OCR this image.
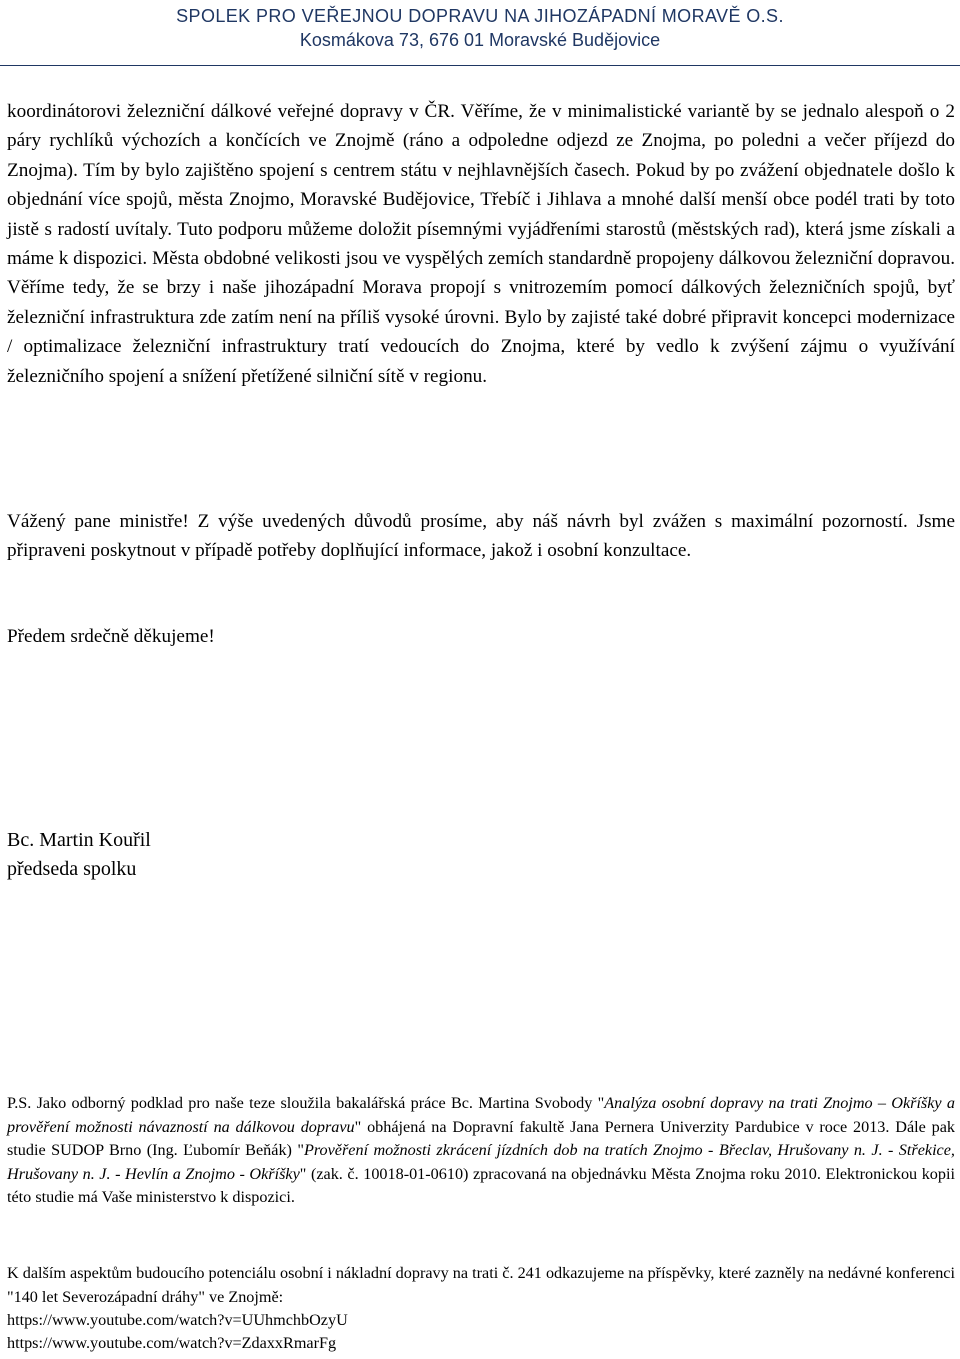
SPOLEK PRO VEŘEJNOU DOPRAVU NA JIHOZÁPADNÍ MORAVĚ O.S.
Kosmákova 73, 676 01 Moravské Budějovice

koordinátorovi železniční dálkové veřejné dopravy v ČR. Věříme, že v minimalistické variantě by se jednalo alespoň o 2 páry rychlíků výchozích a končících ve Znojmě (ráno a odpoledne odjezd ze Znojma, po poledni a večer příjezd do Znojma). Tím by bylo zajištěno spojení s centrem státu v nejhlavnějších časech. Pokud by po zvážení objednatele došlo k objednání více spojů, města Znojmo, Moravské Budějovice, Třebíč i Jihlava a mnohé další menší obce podél trati by toto jistě s radostí uvítaly. Tuto podporu můžeme doložit písemnými vyjádřeními starostů (městských rad), která jsme získali a máme k dispozici. Města obdobné velikosti jsou ve vyspělých zemích standardně propojeny dálkovou železniční dopravou. Věříme tedy, že se brzy i naše jihozápadní Morava propojí s vnitrozemím pomocí dálkových železničních spojů, byť železniční infrastruktura zde zatím není na příliš vysoké úrovni. Bylo by zajisté také dobré připravit koncepci modernizace / optimalizace železniční infrastruktury tratí vedoucích do Znojma, které by vedlo k zvýšení zájmu o využívání železničního spojení a snížení přetížené silniční sítě v regionu.

Vážený pane ministře! Z výše uvedených důvodů prosíme, aby náš návrh byl zvážen s maximální pozorností. Jsme připraveni poskytnout v případě potřeby doplňující informace, jakož i osobní konzultace.

Předem srdečně děkujeme!

Bc. Martin Kouřil

předseda spolku

P.S. Jako odborný podklad pro naše teze sloužila bakalářská práce Bc. Martina Svobody "Analýza osobní dopravy na trati Znojmo – Okříšky a prověření možnosti návazností na dálkovou dopravu" obhájená na Dopravní fakultě Jana Pernera Univerzity Pardubice v roce 2013. Dále pak studie SUDOP Brno (Ing. Ľubomír Beňák) "Prověření možnosti zkrácení jízdních dob na tratích Znojmo - Břeclav, Hrušovany n. J. - Střekice, Hrušovany n. J. - Hevlín a Znojmo - Okříšky" (zak. č. 10018-01-0610) zpracovaná na objednávku Města Znojma roku 2010. Elektronickou kopii této studie má Vaše ministerstvo k dispozici.

K dalším aspektům budoucího potenciálu osobní i nákladní dopravy na trati č. 241 odkazujeme na příspěvky, které zazněly na nedávné konferenci "140 let Severozápadní dráhy" ve Znojmě:

https://www.youtube.com/watch?v=UUhmchbOzyU

https://www.youtube.com/watch?v=ZdaxxRmarFg
